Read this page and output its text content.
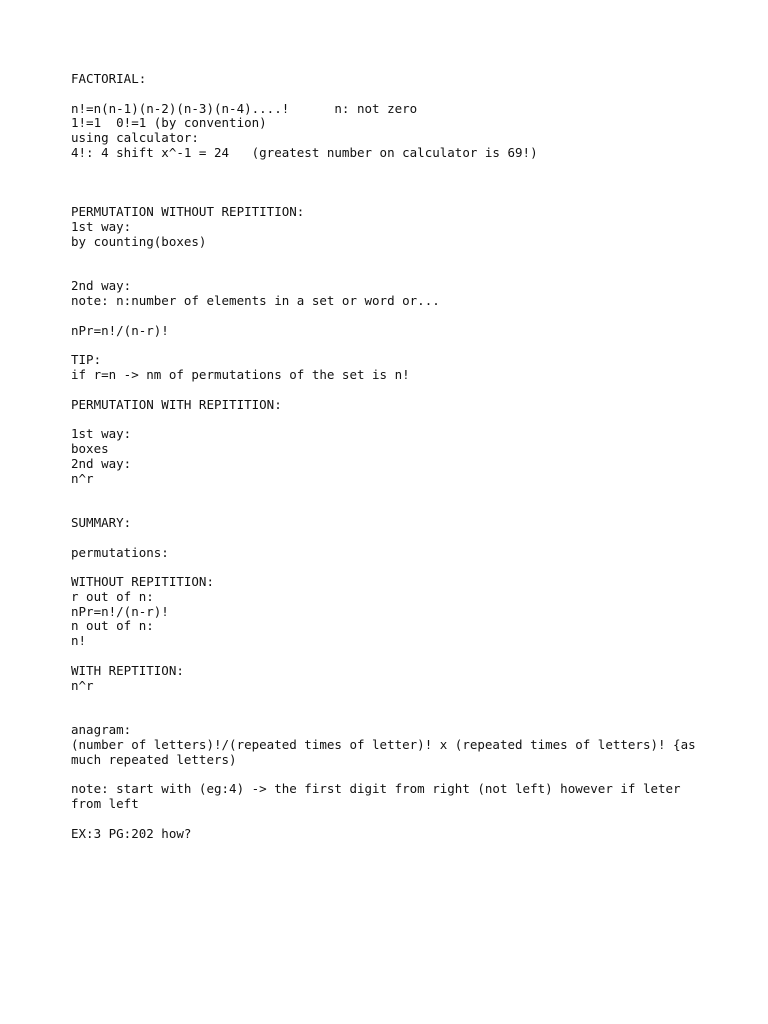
FACTORIAL:
n!=n(n-1)(n-2)(n-3)(n-4)....!      n: not zero
1!=1  0!=1 (by convention)
using calculator:
4!: 4 shift x^-1 = 24   (greatest number on calculator is 69!)
PERMUTATION WITHOUT REPITITION:
1st way:
by counting(boxes)
2nd way:
note: n:number of elements in a set or word or...
nPr=n!/(n-r)!
TIP:
if r=n -> nm of permutations of the set is n!
PERMUTATION WITH REPITITION:
1st way:
boxes
2nd way:
n^r
SUMMARY:
permutations:
WITHOUT REPITITION:
r out of n:
nPr=n!/(n-r)!
n out of n:
n!
WITH REPTITION:
n^r
anagram:
(number of letters)!/(repeated times of letter)! x (repeated times of letters)! {as
much repeated letters)
note: start with (eg:4) -> the first digit from right (not left) however if leter
from left
EX:3 PG:202 how?
